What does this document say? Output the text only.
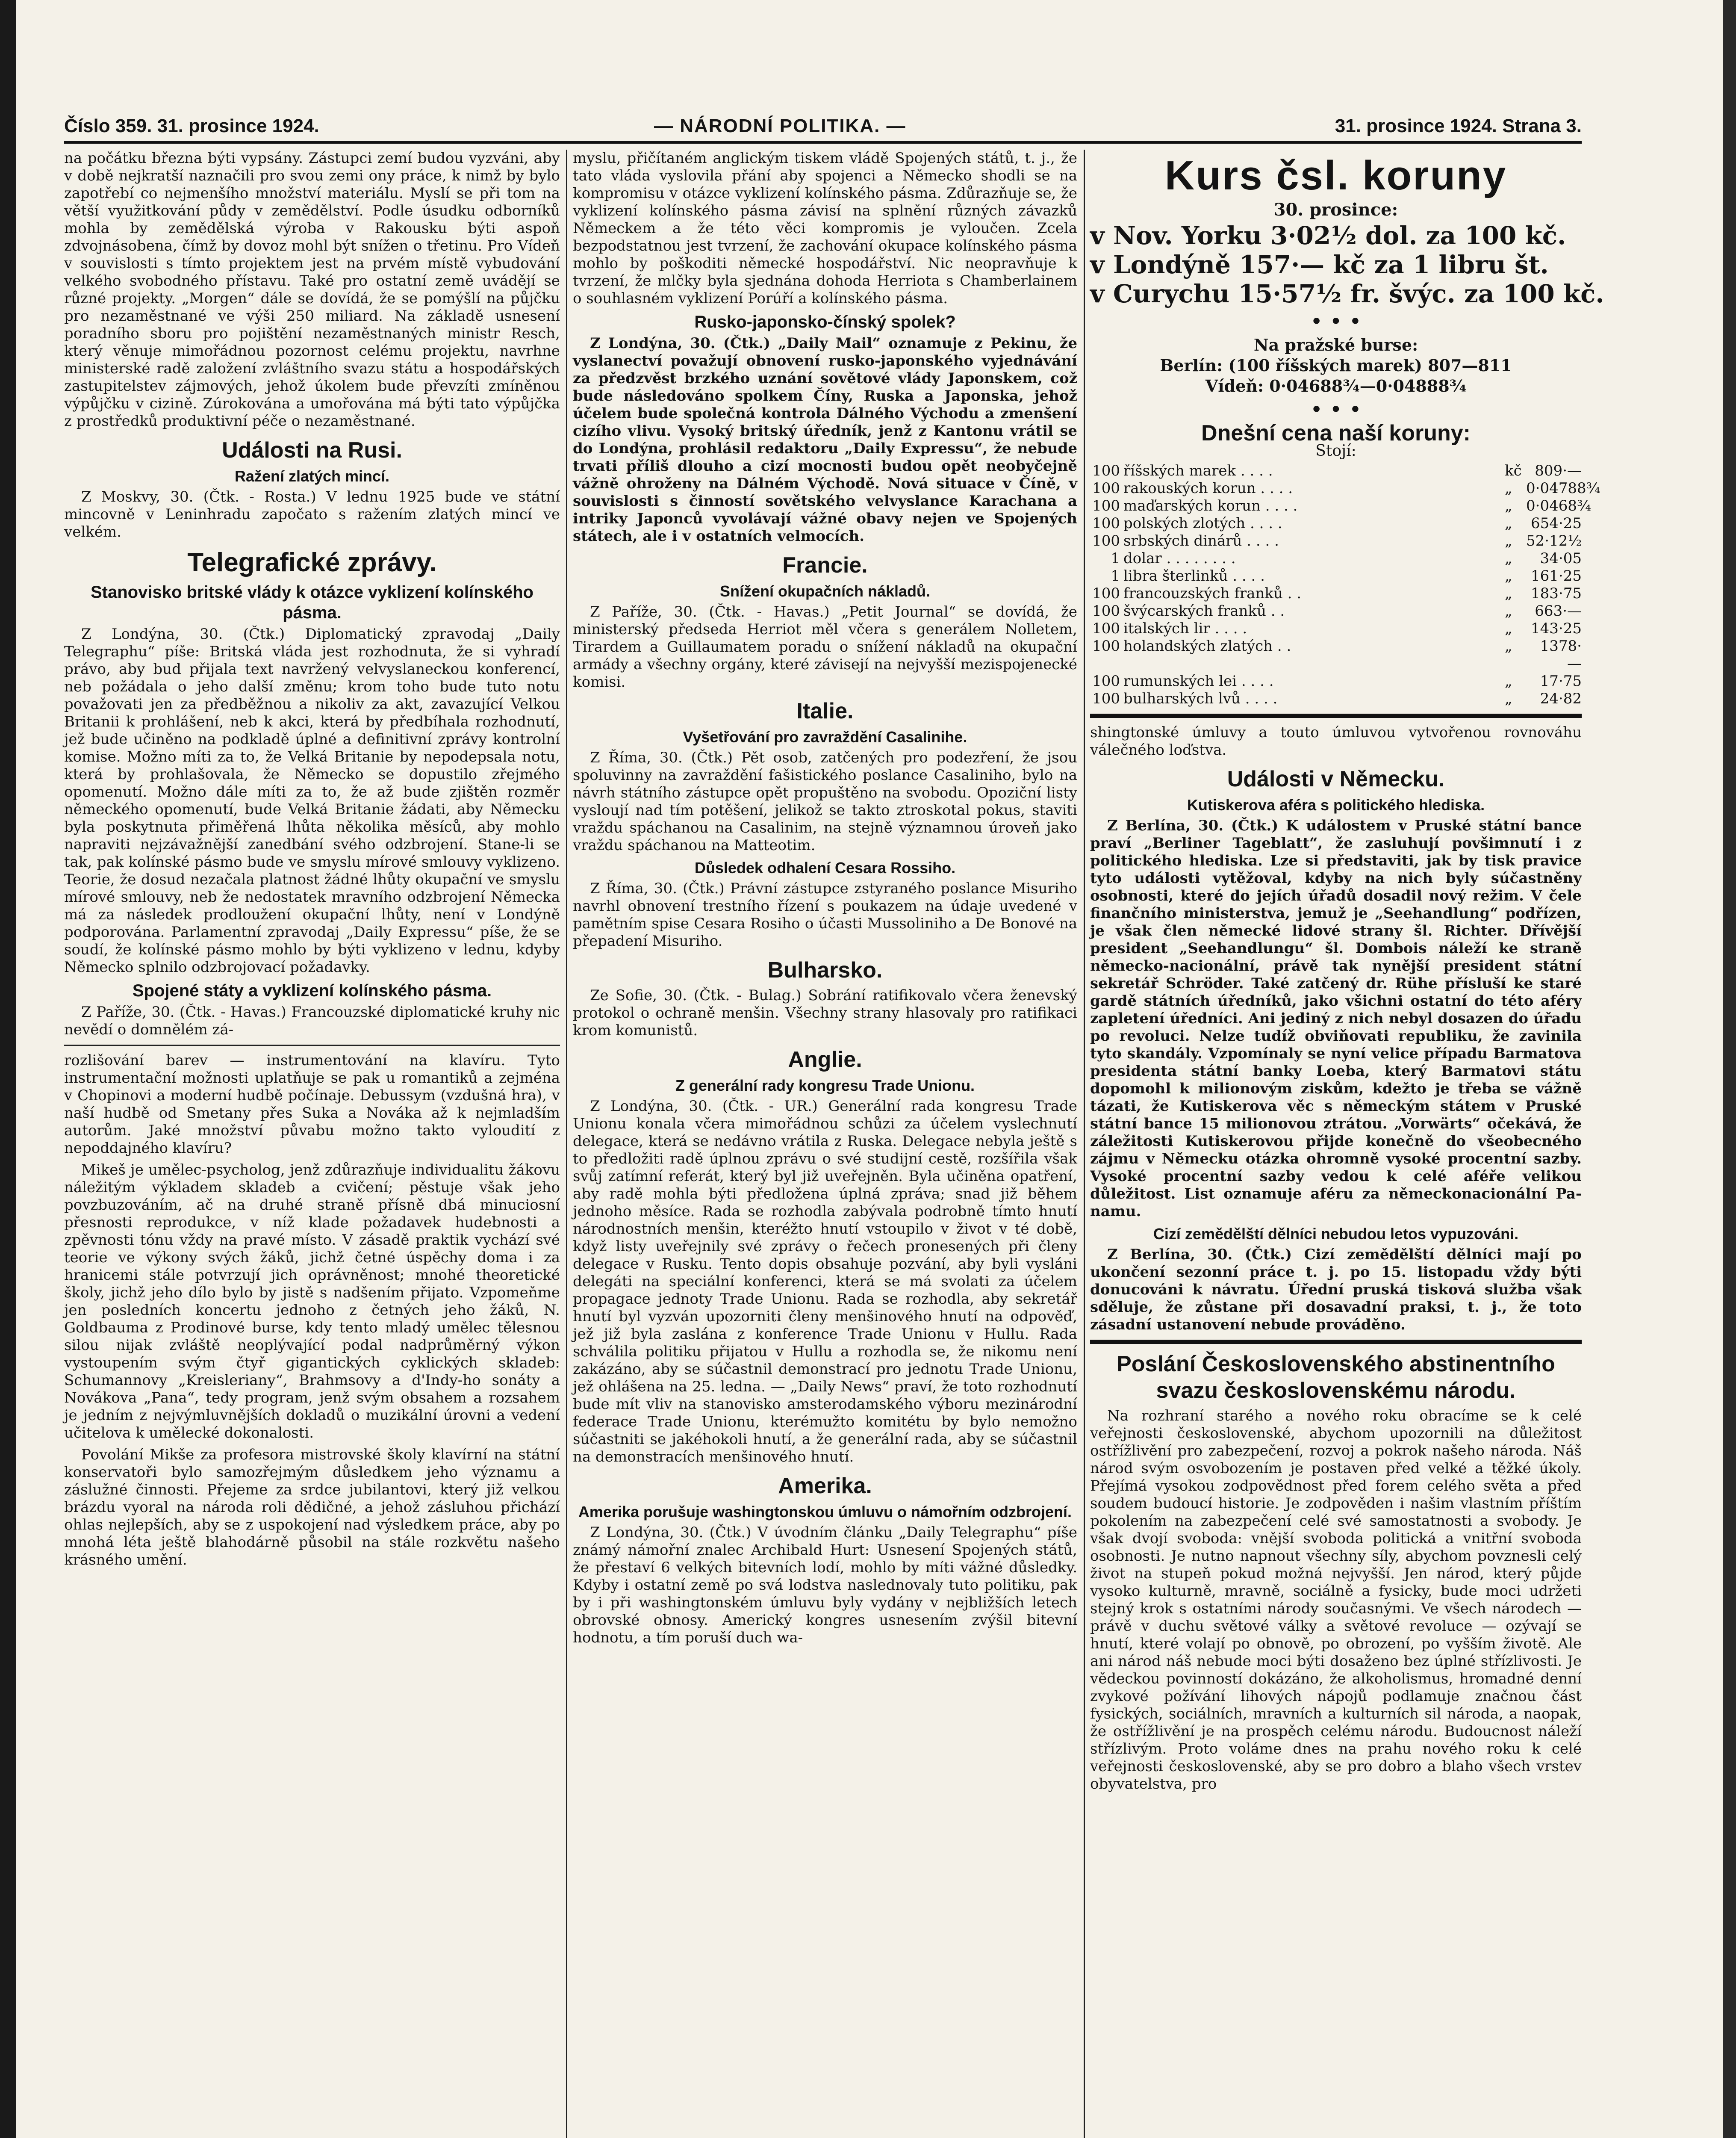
Číslo 359. 31. prosince 1924.	— NÁRODNÍ POLITIKA. —	31. prosince 1924. Strana 3.

na počátku března býti vypsány. Zástupci zemí budou vyzváni, aby v době nejkratší naznačili pro svou zemi ony práce, k nimž by bylo zapotřebí co nejmenšího množství materiálu. Myslí se při tom na větší využitkování půdy v zemědělství. Podle úsudku odborníků mohla by zemědělská výroba v Rakousku býti aspoň zdvojnásobena, čímž by dovoz mohl být snížen o třetinu. Pro Vídeň v souvislosti s tímto projektem jest na prvém místě vybudování velkého svobodného přístavu. Také pro ostatní země uvádějí se různé projekty. „Morgen“ dále se dovídá, že se pomýšlí na půjčku pro nezaměstnané ve výši 250 miliard. Na základě usnesení poradního sboru pro pojištění nezaměstnaných ministr Resch, který věnuje mimořádnou pozornost celému projektu, navrhne ministerské radě založení zvláštního svazu státu a hospodářských zastupitelstev zájmových, jehož úkolem bude převzíti zmíněnou výpůjčku v cizině. Zúrokována a umořována má býti tato výpůjčka z prostředků produktivní péče o nezaměstnané.

Události na Rusi.
Ražení zlatých mincí.

Z Moskvy, 30. (Čtk. - Rosta.) V lednu 1925 bude ve státní mincovně v Leninhradu započato s ražením zlatých mincí ve velkém.

Telegrafické zprávy.
Stanovisko britské vlády k otázce vyklizení kolínského pásma.

Z Londýna, 30. (Čtk.) Diplomatický zpravodaj „Daily Telegraphu“ píše: Britská vláda jest rozhodnuta, že si vyhradí právo, aby bud přijala text navržený velvyslaneckou konferencí, neb požádala o jeho další změnu; krom toho bude tuto notu považovati jen za předběžnou a nikoliv za akt, zavazující Velkou Britanii k prohlášení, neb k akci, která by předbíhala rozhodnutí, jež bude učiněno na podkladě úplné a definitivní zprávy kontrolní komise. Možno míti za to, že Velká Britanie by nepodepsala notu, která by prohlašovala, že Německo se dopustilo zřejmého opomenutí. Možno dále míti za to, že až bude zjištěn rozměr německého opomenutí, bude Velká Britanie žádati, aby Německu byla poskytnuta přiměřená lhůta několika měsíců, aby mohlo napraviti nejzávažnější zanedbání svého odzbrojení. Stane-li se tak, pak kolínské pásmo bude ve smyslu mírové smlouvy vyklizeno. Teorie, že dosud nezačala platnost žádné lhůty okupační ve smyslu mírové smlouvy, neb že nedostatek mravního odzbrojení Německa má za následek prodloužení okupační lhůty, není v Londýně podporována. Parlamentní zpravodaj „Daily Expressu“ píše, že se soudí, že kolínské pásmo mohlo by býti vyklizeno v lednu, kdyby Německo splnilo odzbrojovací požadavky.

Spojené státy a vyklizení kolínského pásma.

Z Paříže, 30. (Čtk. - Havas.) Francouzské diplomatické kruhy nic nevědí o domnělém zá-

rozlišování barev — instrumentování na klavíru. Tyto instrumentační možnosti uplatňuje se pak u romantiků a zejména v Chopinovi a moderní hudbě počínaje. Debussym (vzdušná hra), v naší hudbě od Smetany přes Suka a Nováka až k nejmladším autorům. Jaké množství půvabu možno takto vyloudití z nepoddajného klavíru?

Mikeš je umělec-psycholog, jenž zdůrazňuje individualitu žákovu náležitým výkladem skladeb a cvičení; pěstuje však jeho povzbuzováním, ač na druhé straně přísně dbá minuciosní přesnosti reprodukce, v níž klade požadavek hudebnosti a zpěvnosti tónu vždy na pravé místo. V zásadě praktik vychází své teorie ve výkony svých žáků, jichž četné úspěchy doma i za hranicemi stále potvrzují jich oprávněnost; mnohé theoretické školy, jichž jeho dílo bylo by jistě s nadšením přijato. Vzpomeňme jen posledních koncertu jednoho z četných jeho žáků, N. Goldbauma z Prodinové burse, kdy tento mladý umělec tělesnou silou nijak zvláště neoplývající podal nadprůměrný výkon vystoupením svým čtyř gigantických cyklických skladeb: Schumannovy „Kreisleriany“, Brahmsovy a d'Indy-ho sonáty a Novákova „Pana“, tedy program, jenž svým obsahem a rozsahem je jedním z nejvýmluvnějších dokladů o muzikální úrovni a vedení učitelova k umělecké dokonalosti.

Povolání Mikše za profesora mistrovské školy klavírní na státní konservatoři bylo samozřejmým důsledkem jeho významu a záslužné činnosti. Přejeme za srdce jubilantovi, který již velkou brázdu vyoral na národa roli dědičné, a jehož zásluhou přichází ohlas nejlepších, aby se z uspokojení nad výsledkem práce, aby po mnohá léta ještě blahodárně působil na stále rozkvětu našeho krásného umění.

myslu, přičítaném anglickým tiskem vládě Spojených států, t. j., že tato vláda vyslovila přání aby spojenci a Německo shodli se na kompromisu v otázce vyklizení kolínského pásma. Zdůrazňuje se, že vyklizení kolínského pásma závisí na splnění různých závazků Německem a že této věci kompromis je vyloučen. Zcela bezpodstatnou jest tvrzení, že zachování okupace kolínského pásma mohlo by poškoditi německé hospodářství. Nic neopravňuje k tvrzení, že mlčky byla sjednána dohoda Herriota s Chamberlainem o souhlasném vyklizení Porúří a kolínského pásma.

Rusko-japonsko-čínský spolek?

Z Londýna, 30. (Čtk.) „Daily Mail“ oznamuje z Pekinu, že vyslanectví považují obnovení rusko-japonského vyjednávání za předzvěst brzkého uznání sovětové vlády Japonskem, což bude následováno spolkem Číny, Ruska a Japonska, jehož účelem bude společná kontrola Dálného Východu a zmenšení cizího vlivu. Vysoký britský úředník, jenž z Kantonu vrátil se do Londýna, prohlásil redaktoru „Daily Expressu“, že nebude trvati příliš dlouho a cizí mocnosti budou opět neobyčejně vážně ohroženy na Dálném Východě. Nová situace v Číně, v souvislosti s činností sovětského velvyslance Karachana a intriky Japonců vyvolávají vážné obavy nejen ve Spojených státech, ale i v ostatních velmocích.

Francie.
Snížení okupačních nákladů.

Z Paříže, 30. (Čtk. - Havas.) „Petit Journal“ se dovídá, že ministerský předseda Herriot měl včera s generálem Nolletem, Tirardem a Guillaumatem poradu o snížení nákladů na okupační armády a všechny orgány, které závisejí na nejvyšší mezispojenecké komisi.

Italie.
Vyšetřování pro zavraždění Casalinihe.

Z Říma, 30. (Čtk.) Pět osob, zatčených pro podezření, že jsou spoluvinny na zavraždění fašistického poslance Casaliniho, bylo na návrh státního zástupce opět propuštěno na svobodu. Opoziční listy vysloují nad tím potěšení, jelikož se takto ztroskotal pokus, staviti vraždu spáchanou na Casalinim, na stejně významnou úroveň jako vraždu spáchanou na Matteotim.

Důsledek odhalení Cesara Rossiho.

Z Říma, 30. (Čtk.) Právní zástupce zstyraného poslance Misuriho navrhl obnovení trestního řízení s poukazem na údaje uvedené v pamětním spise Cesara Rosiho o účasti Mussoliniho a De Bonové na přepadení Misuriho.

Bulharsko.

Ze Sofie, 30. (Čtk. - Bulag.) Sobrání ratifikovalo včera ženevský protokol o ochraně menšin. Všechny strany hlasovaly pro ratifikaci krom komunistů.

Anglie.
Z generální rady kongresu Trade Unionu.

Z Londýna, 30. (Čtk. - UR.) Generální rada kongresu Trade Unionu konala včera mimořádnou schůzi za účelem vyslechnutí delegace, která se nedávno vrátila z Ruska. Delegace nebyla ještě s to předložiti radě úplnou zprávu o své studijní cestě, rozšířila však svůj zatímní referát, který byl již uveřejněn. Byla učiněna opatření, aby radě mohla býti předložena úplná zpráva; snad již během jednoho měsíce. Rada se rozhodla zabývala podrobně tímto hnutí národnostních menšin, kteréžto hnutí vstoupilo v život v té době, když listy uveřejnily své zprávy o řečech pronesených při členy delegace v Rusku. Tento dopis obsahuje pozvání, aby byli vysláni delegáti na speciální konferenci, která se má svolati za účelem propagace jednoty Trade Unionu. Rada se rozhodla, aby sekretář hnutí byl vyzván upozorniti členy menšinového hnutí na odpověď, jež již byla zaslána z konference Trade Unionu v Hullu. Rada schválila politiku přijatou v Hullu a rozhodla se, že nikomu není zakázáno, aby se súčastnil demonstrací pro jednotu Trade Unionu, jež ohlášena na 25. ledna. — „Daily News“ praví, že toto rozhodnutí bude mít vliv na stanovisko amsterodamského výboru mezinárodní federace Trade Unionu, kterémužto komitétu by bylo nemožno súčastniti se jakéhokoli hnutí, a že generální rada, aby se súčastnil na demonstracích menšinového hnutí.

Amerika.
Amerika porušuje washingtonskou úmluvu o námořním odzbrojení.

Z Londýna, 30. (Čtk.) V úvodním článku „Daily Telegraphu“ píše známý námořní znalec Archibald Hurt: Usnesení Spojených států, že přestaví 6 velkých bitevních lodí, mohlo by míti vážné důsledky. Kdyby i ostatní země po svá lodstva naslednovaly tuto politiku, pak by i při washingtonském úmluvu byly vydány v nejbližších letech obrovské obnosy. Americký kongres usnesením zvýšil bitevní hodnotu, a tím poruší duch wa-

Kurs čsl. koruny
30. prosince:
v Nov. Yorku 3·02½ dol. za 100 kč.
v Londýně 157·— kč za 1 libru št.
v Curychu 15·57½ fr. švýc. za 100 kč.
• • •
Na pražské burse:
Berlín: (100 říšských marek) 807—811
Vídeň: 0·04688¾—0·04888¾
• • •
Dnešní cena naší koruny:
Stojí:
100 říšských marek . . . .	kč 809·—
100 rakouských korun . . . .	„ 0·04788¾
100 maďarských korun . . . .	„ 0·0468¾
100 polských zlotých . . . .	„	654·25
100 srbských dinárů . . . .	„ 52·12½
1 dolar . . . . . . . .	„	34·05
1 libra šterlinků . . . .	„	161·25
100 francouzských franků . .	„	183·75
100 švýcarských franků . .	„	663·—
100 italských lir . . . .	„	143·25
100 holandských zlatých . .	„	1378·—
100 rumunských lei . . . .	„	17·75
100 bulharských lvů . . . .	„	24·82

shingtonské úmluvy a touto úmluvou vytvořenou rovnováhu válečného loďstva.

Události v Německu.
Kutiskerova aféra s politického hlediska.

Z Berlína, 30. (Čtk.) K událostem v Pruské státní bance praví „Berliner Tageblatt“, že zasluhují povšimnutí i z politického hlediska. Lze si představiti, jak by tisk pravice tyto události vytěžoval, kdyby na nich byly súčastněny osobnosti, které do jejích úřadů dosadil nový režim. V čele finančního ministerstva, jemuž je „Seehandlung“ podřízen, je však člen německé lidové strany šl. Richter. Dřívější president „Seehandlungu“ šl. Dombois náleží ke straně německo-nacionální, právě tak nynější president státní sekretář Schröder. Také zatčený dr. Rühe přísluší ke staré gardě státních úředníků, jako všichni ostatní do této aféry zapletení úředníci. Ani jediný z nich nebyl dosazen do úřadu po revoluci. Nelze tudíž obviňovati republiku, že zavinila tyto skandály. Vzpomínaly se nyní velice případu Barmatova presidenta státní banky Loeba, který Barmatovi státu dopomohl k milionovým ziskům, kdežto je třeba se vážně tázati, že Kutiskerova věc s německým státem v Pruské státní bance 15 milionovou ztrátou. „Vorwärts“ očekává, že záležitosti Kutiskerovou přijde konečně do všeobecného zájmu v Německu otázka ohromně vysoké procentní sazby. Vysoké procentní sazby vedou k celé aféře velikou důležitost. List oznamuje aféru za německonacionální Pa- namu.

Cizí zemědělští dělníci nebudou letos vypuzováni.

Z Berlína, 30. (Čtk.) Cizí zemědělští dělníci mají po ukončení sezonní práce t. j. po 15. listopadu vždy býti donucováni k návratu. Úřední pruská tisková služba však sděluje, že zůstane při dosavadní praksi, t. j., že toto zásadní ustanovení nebude prováděno.

Poslání Československého abstinentního svazu československému národu.

Na rozhraní starého a nového roku obracíme se k celé veřejnosti československé, abychom upozornili na důležitost ostřížlivění pro zabezpečení, rozvoj a pokrok našeho národa. Náš národ svým osvobozením je postaven před velké a těžké úkoly. Přejímá vysokou zodpovědnost před forem celého světa a před soudem budoucí historie. Je zodpověden i našim vlastním příštím pokolením na zabezpečení celé své samostatnosti a svobody. Je však dvojí svoboda: vnější svoboda politická a vnitřní svoboda osobnosti. Je nutno napnout všechny síly, abychom povznesli celý život na stupeň pokud možná nejvyšší. Jen národ, který půjde vysoko kulturně, mravně, sociálně a fysicky, bude moci udržeti stejný krok s ostatními národy současnými. Ve všech národech — právě v duchu světové války a světové revoluce — ozývají se hnutí, které volají po obnově, po obrození, po vyšším životě. Ale ani národ náš nebude moci býti dosaženo bez úplné střízlivosti. Je vědeckou povinností dokázáno, že alkoholismus, hromadné denní zvykové požívání lihových nápojů podlamuje značnou část fysických, sociálních, mravních a kulturních sil národa, a naopak, že ostřížlivění je na prospěch celému národu. Budoucnost náleží střízlivým. Proto voláme dnes na prahu nového roku k celé veřejnosti československé, aby se pro dobro a blaho všech vrstev obyvatelstva, pro
